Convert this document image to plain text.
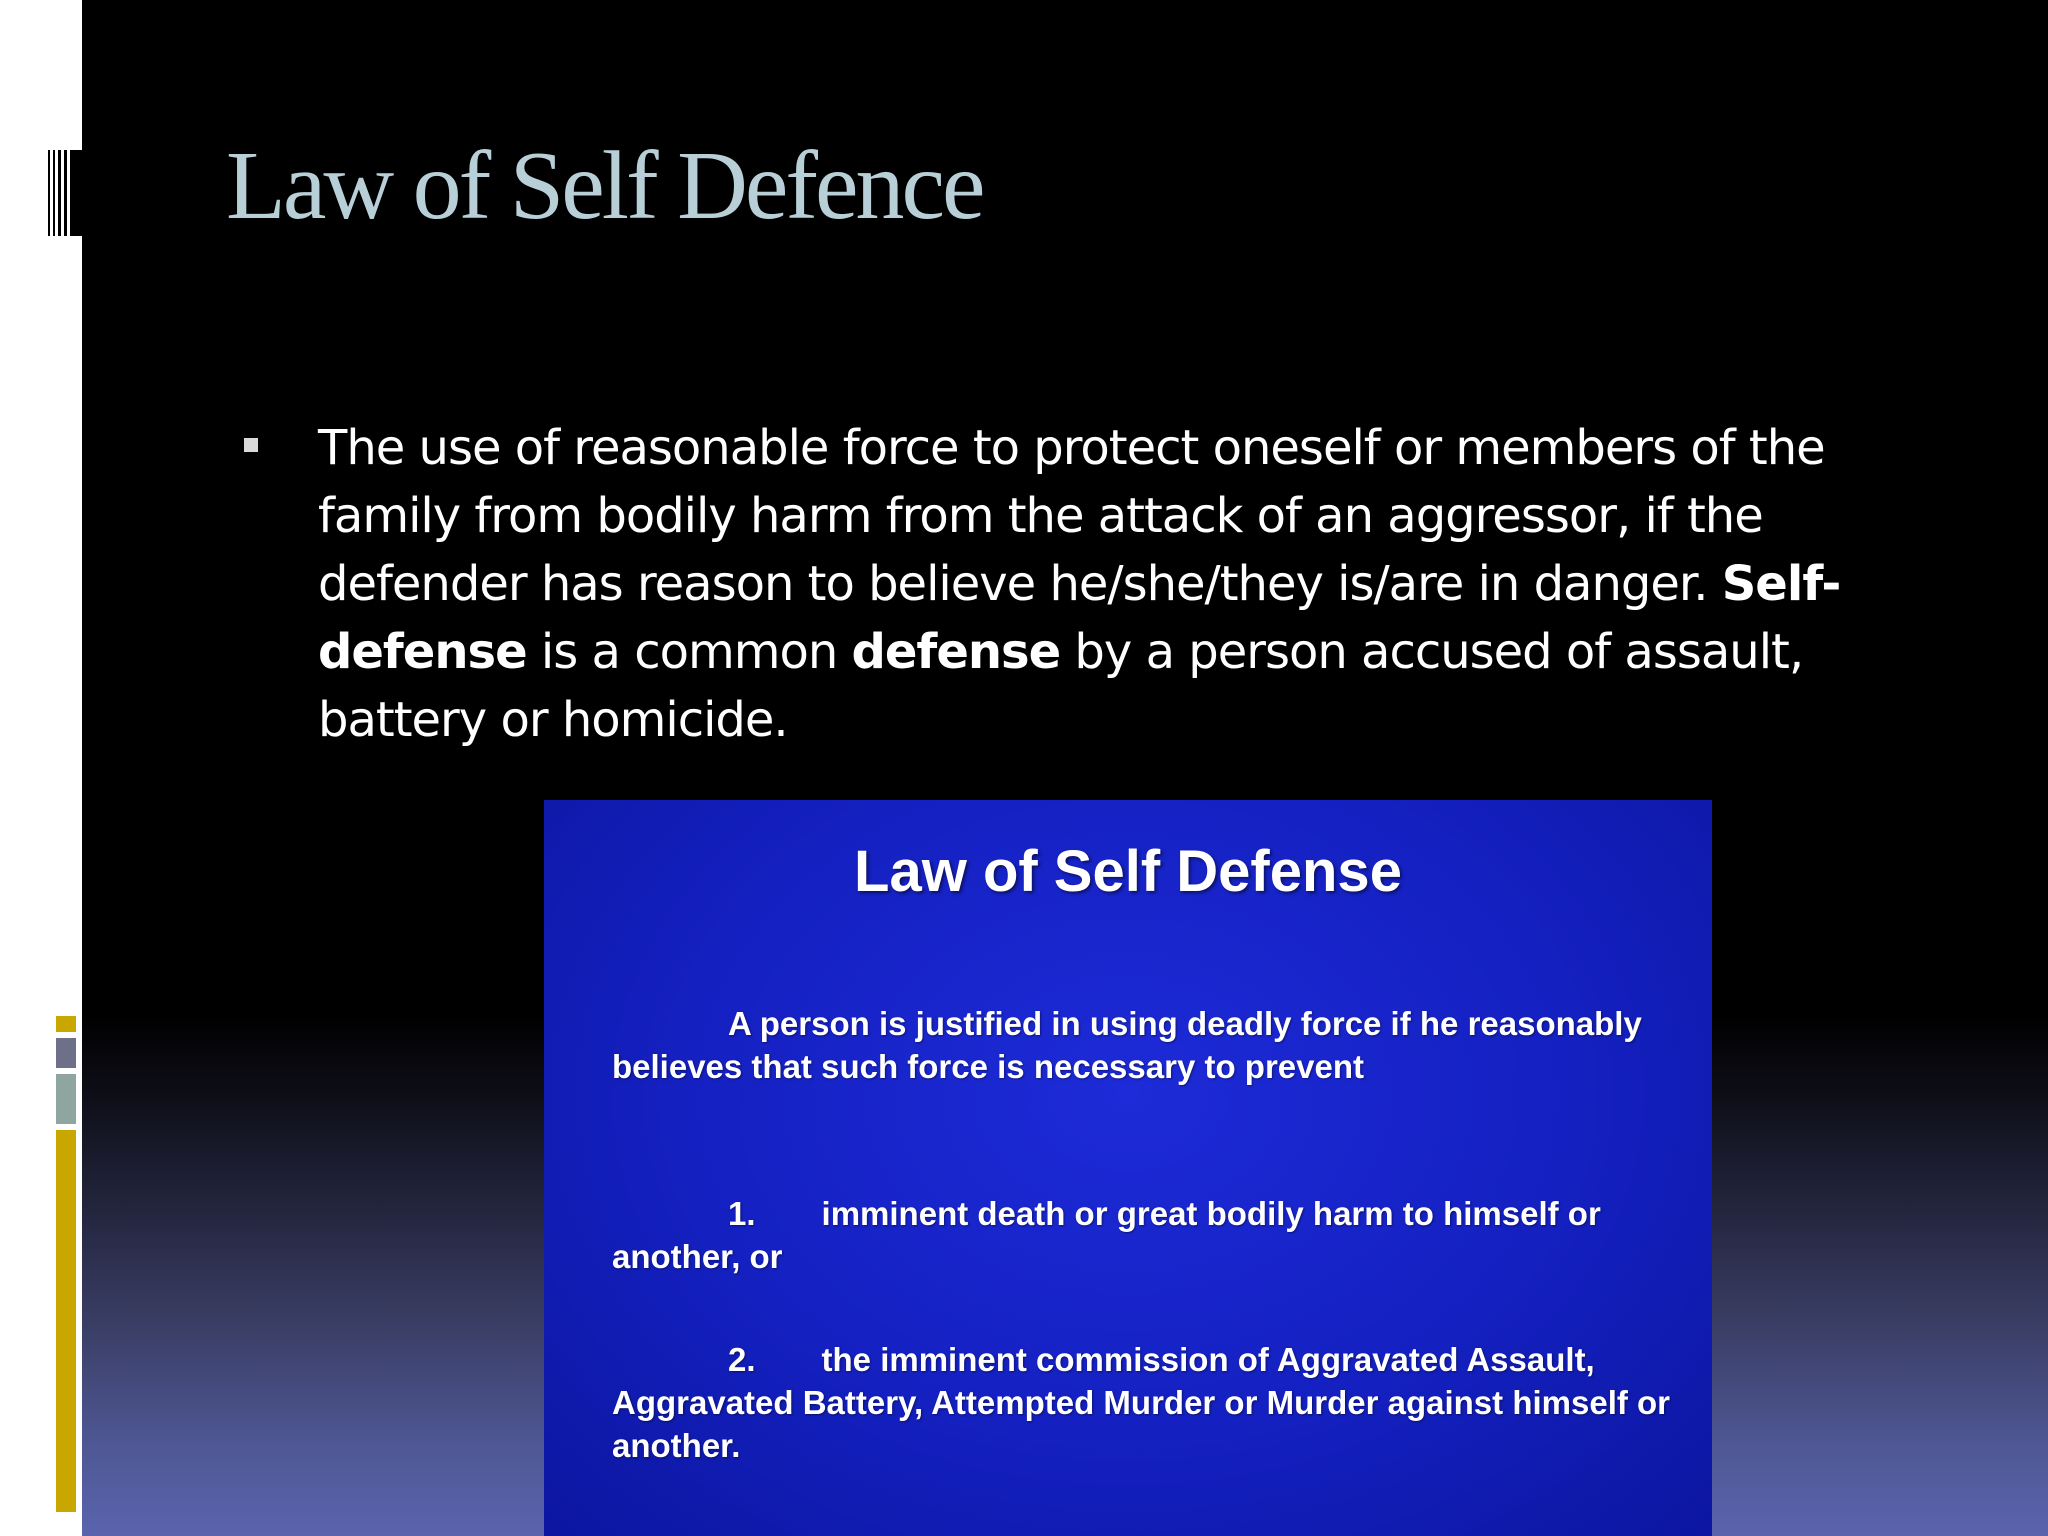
Law of Self Defence

The use of reasonable force to protect oneself or members of the family from bodily harm from the attack of an aggressor, if the defender has reason to believe he/she/they is/are in danger. Self-
defense is a common defense by a person accused of assault, battery or homicide.

Law of Self Defense

A person is justified in using deadly force if he reasonably believes that such force is necessary to prevent

1. imminent death or great bodily harm to himself or another, or

2. the imminent commission of Aggravated Assault, Aggravated Battery, Attempted Murder or Murder against himself or another.
